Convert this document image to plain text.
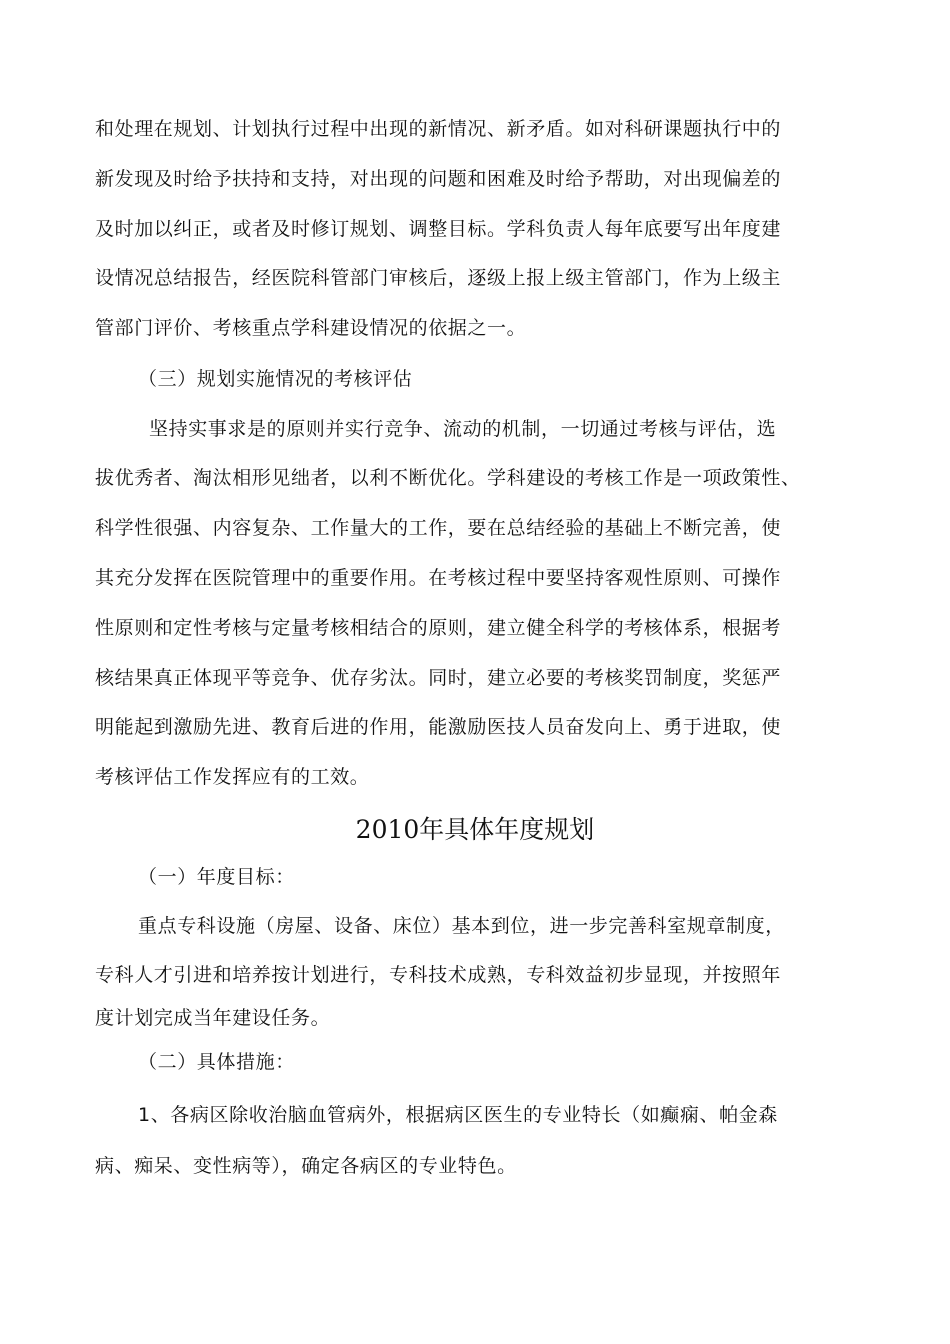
和处理在规划、计划执行过程中出现的新情况、新矛盾。如对科研课题执行中的
新发现及时给予扶持和支持，对出现的问题和困难及时给予帮助，对出现偏差的
及时加以纠正，或者及时修订规划、调整目标。学科负责人每年底要写出年度建
设情况总结报告，经医院科管部门审核后，逐级上报上级主管部门，作为上级主
管部门评价、考核重点学科建设情况的依据之一。
（三）规划实施情况的考核评估
坚持实事求是的原则并实行竞争、流动的机制，一切通过考核与评估，选
拔优秀者、淘汰相形见绌者，以利不断优化。学科建设的考核工作是一项政策性、
科学性很强、内容复杂、工作量大的工作，要在总结经验的基础上不断完善，使
其充分发挥在医院管理中的重要作用。在考核过程中要坚持客观性原则、可操作
性原则和定性考核与定量考核相结合的原则，建立健全科学的考核体系，根据考
核结果真正体现平等竞争、优存劣汰。同时，建立必要的考核奖罚制度，奖惩严
明能起到激励先进、教育后进的作用，能激励医技人员奋发向上、勇于进取，使
考核评估工作发挥应有的工效。
2010年具体年度规划
（一）年度目标：
重点专科设施（房屋、设备、床位）基本到位，进一步完善科室规章制度，
专科人才引进和培养按计划进行，专科技术成熟，专科效益初步显现，并按照年
度计划完成当年建设任务。
（二）具体措施：
1、各病区除收治脑血管病外，根据病区医生的专业特长（如癫痫、帕金森
病、痴呆、变性病等），确定各病区的专业特色。
